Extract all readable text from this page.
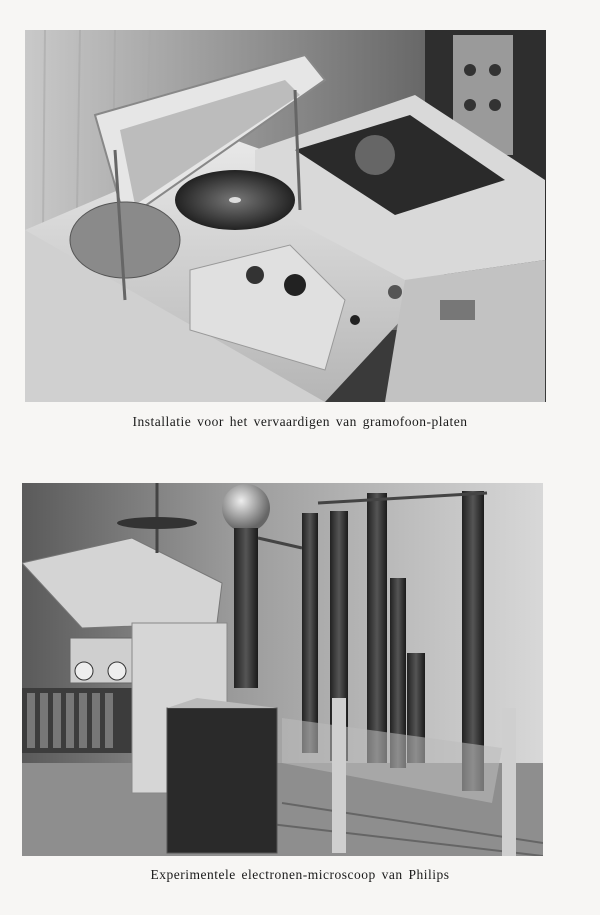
Installatie voor het vervaardigen van gramofoon-platen
Experimentele electronen-microscoop van Philips
